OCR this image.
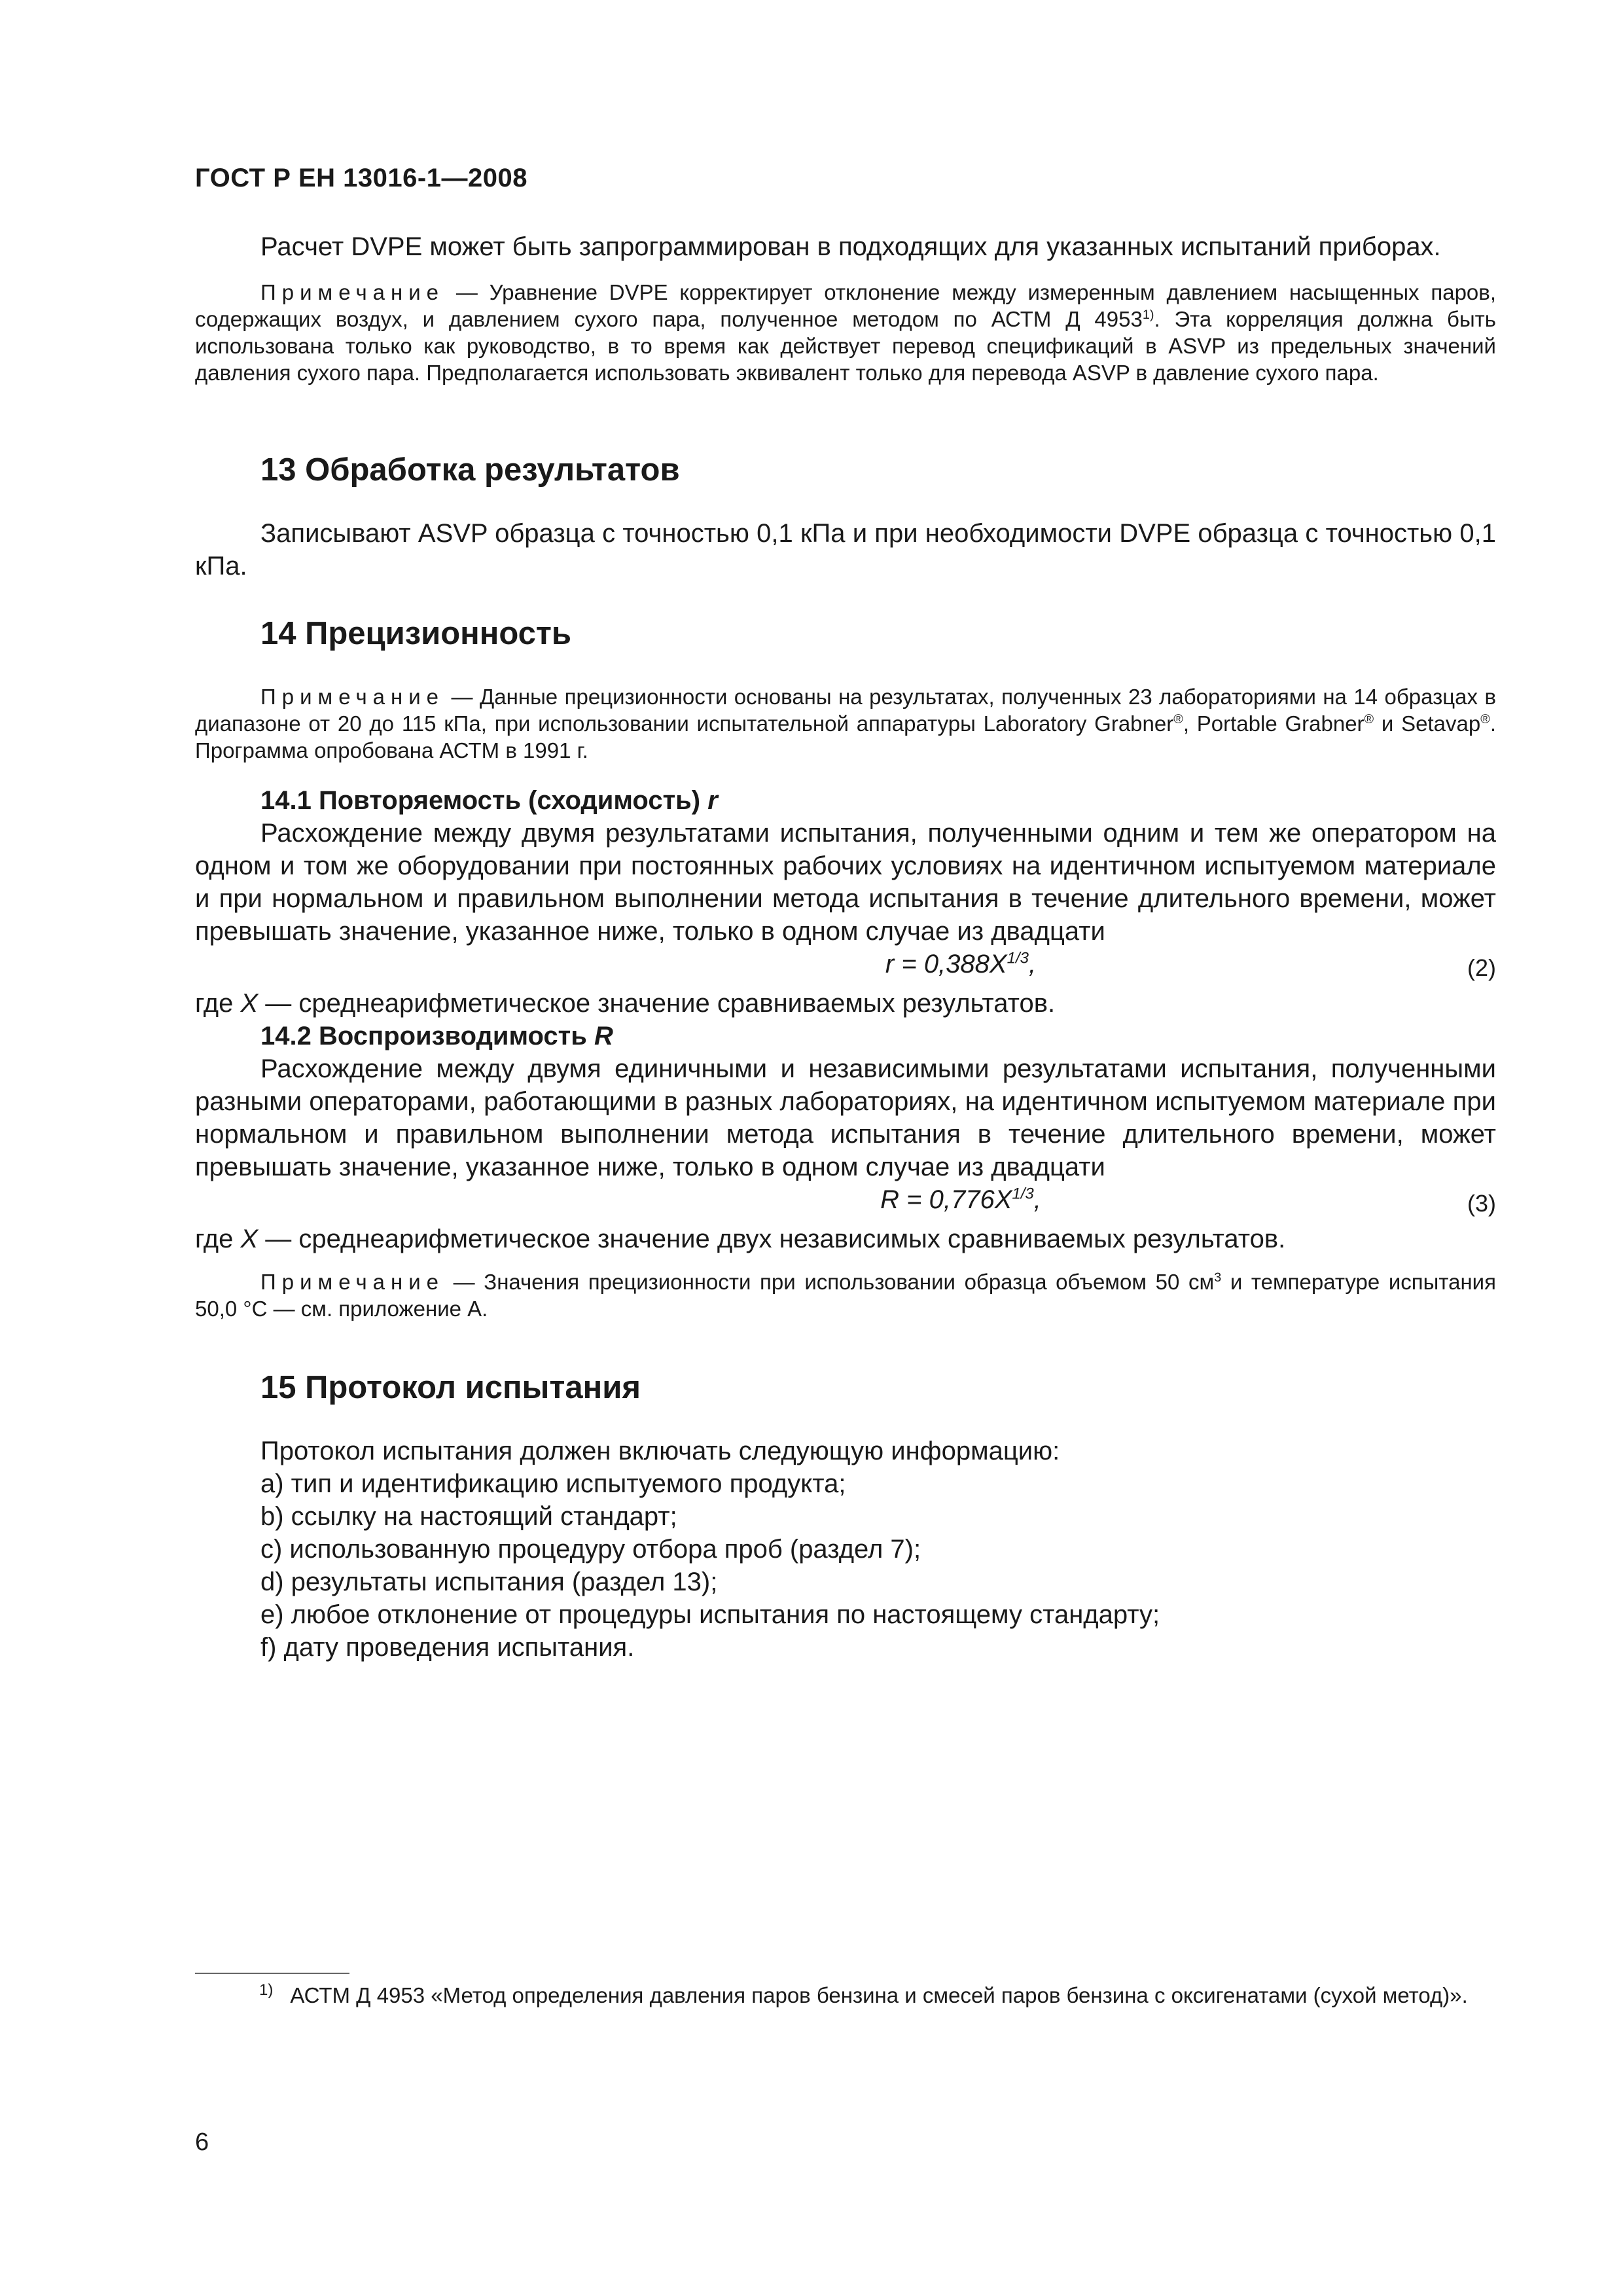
ГОСТ Р ЕН 13016-1—2008

Расчет DVPE может быть запрограммирован в подходящих для указанных испытаний приборах.

Примечание — Уравнение DVPE корректирует отклонение между измеренным давлением насыщенных паров, содержащих воздух, и давлением сухого пара, полученное методом по АСТМ Д 4953$^{1)}$. Эта корреляция должна быть использована только как руководство, в то время как действует перевод спецификаций в ASVP из предельных значений давления сухого пара. Предполагается использовать эквивалент только для перевода ASVP в давление сухого пара.

13 Обработка результатов

Записывают ASVP образца с точностью 0,1 кПа и при необходимости DVPE образца с точностью 0,1 кПа.

14 Прецизионность

Примечание — Данные прецизионности основаны на результатах, полученных 23 лабораториями на 14 образцах в диапазоне от 20 до 115 кПа, при использовании испытательной аппаратуры Laboratory Grabner®, Portable Grabner® и Setavap®. Программа опробована АСТМ в 1991 г.

14.1 Повторяемость (сходимость) r

Расхождение между двумя результатами испытания, полученными одним и тем же оператором на одном и том же оборудовании при постоянных рабочих условиях на идентичном испытуемом материале и при нормальном и правильном выполнении метода испытания в течение длительного времени, может превышать значение, указанное ниже, только в одном случае из двадцати

$r = 0,388X^{1/3}$,	(2)

где X — среднеарифметическое значение сравниваемых результатов.

14.2 Воспроизводимость R

Расхождение между двумя единичными и независимыми результатами испытания, полученными разными операторами, работающими в разных лабораториях, на идентичном испытуемом материале при нормальном и правильном выполнении метода испытания в течение длительного времени, может превышать значение, указанное ниже, только в одном случае из двадцати

$R = 0,776X^{1/3}$,	(3)

где X — среднеарифметическое значение двух независимых сравниваемых результатов.

Примечание — Значения прецизионности при использовании образца объемом 50 $см^3$ и температуре испытания 50,0 °С — см. приложение А.

15 Протокол испытания

Протокол испытания должен включать следующую информацию:

a) тип и идентификацию испытуемого продукта;
b) ссылку на настоящий стандарт;
c) использованную процедуру отбора проб (раздел 7);
d) результаты испытания (раздел 13);
e) любое отклонение от процедуры испытания по настоящему стандарту;
f) дату проведения испытания.

$^{1)}$ АСТМ Д 4953 «Метод определения давления паров бензина и смесей паров бензина с оксигенатами (сухой метод)».

6
